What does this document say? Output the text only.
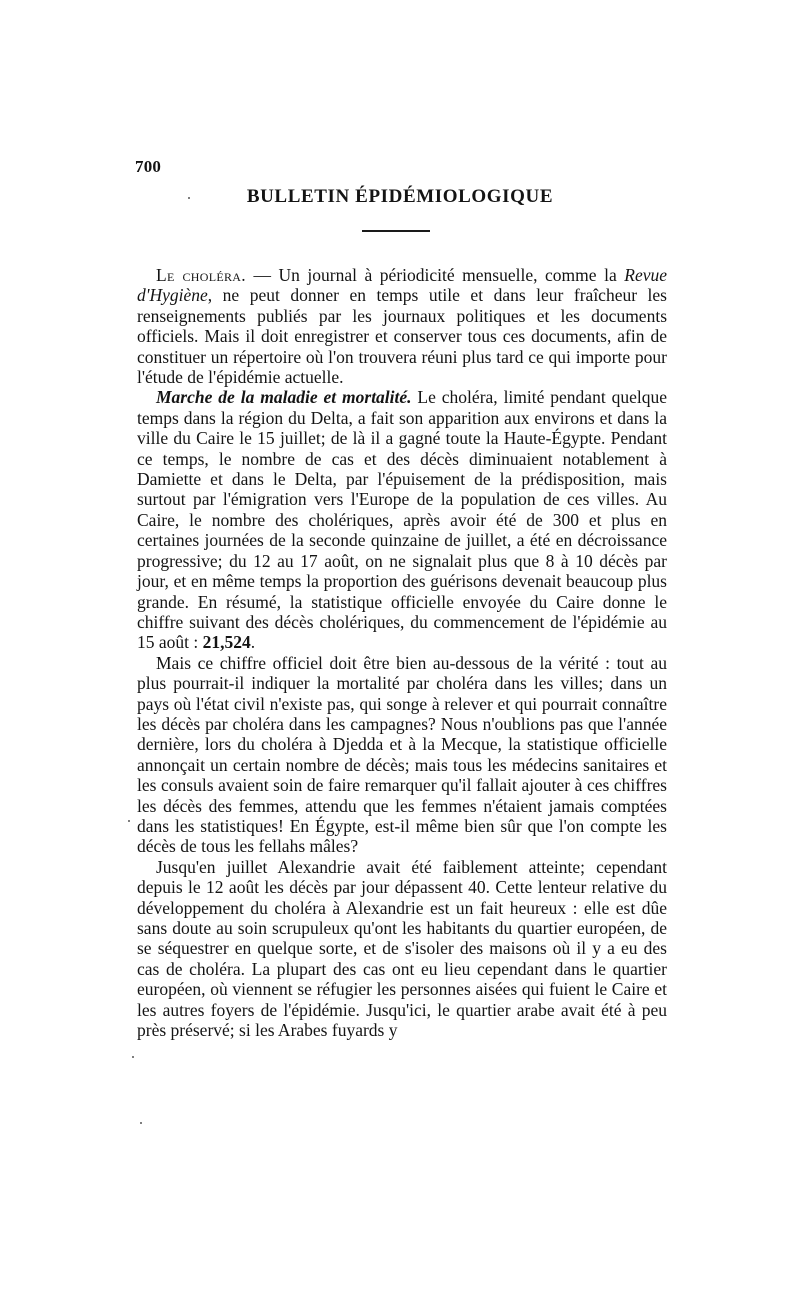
700
BULLETIN ÉPIDÉMIOLOGIQUE

Le choléra. — Un journal à périodicité mensuelle, comme la Revue d'Hygiène, ne peut donner en temps utile et dans leur fraîcheur les renseignements publiés par les journaux politiques et les documents officiels. Mais il doit enregistrer et conserver tous ces documents, afin de constituer un répertoire où l'on trouvera réuni plus tard ce qui importe pour l'étude de l'épidémie actuelle.

Marche de la maladie et mortalité. Le choléra, limité pendant quelque temps dans la région du Delta, a fait son apparition aux environs et dans la ville du Caire le 15 juillet; de là il a gagné toute la Haute-Égypte. Pendant ce temps, le nombre de cas et des décès diminuaient notablement à Damiette et dans le Delta, par l'épuisement de la prédisposition, mais surtout par l'émigration vers l'Europe de la population de ces villes. Au Caire, le nombre des cholériques, après avoir été de 300 et plus en certaines journées de la seconde quinzaine de juillet, a été en décroissance progressive; du 12 au 17 août, on ne signalait plus que 8 à 10 décès par jour, et en même temps la proportion des guérisons devenait beaucoup plus grande. En résumé, la statistique officielle envoyée du Caire donne le chiffre suivant des décès cholériques, du commencement de l'épidémie au 15 août : 21,524.

Mais ce chiffre officiel doit être bien au-dessous de la vérité : tout au plus pourrait-il indiquer la mortalité par choléra dans les villes; dans un pays où l'état civil n'existe pas, qui songe à relever et qui pourrait connaître les décès par choléra dans les campagnes? Nous n'oublions pas que l'année dernière, lors du choléra à Djedda et à la Mecque, la statistique officielle annonçait un certain nombre de décès; mais tous les médecins sanitaires et les consuls avaient soin de faire remarquer qu'il fallait ajouter à ces chiffres les décès des femmes, attendu que les femmes n'étaient jamais comptées dans les statistiques! En Égypte, est-il même bien sûr que l'on compte les décès de tous les fellahs mâles?

Jusqu'en juillet Alexandrie avait été faiblement atteinte; cependant depuis le 12 août les décès par jour dépassent 40. Cette lenteur relative du développement du choléra à Alexandrie est un fait heureux : elle est dûe sans doute au soin scrupuleux qu'ont les habitants du quartier européen, de se séquestrer en quelque sorte, et de s'isoler des maisons où il y a eu des cas de choléra. La plupart des cas ont eu lieu cependant dans le quartier européen, où viennent se réfugier les personnes aisées qui fuient le Caire et les autres foyers de l'épidémie. Jusqu'ici, le quartier arabe avait été à peu près préservé; si les Arabes fuyards y
